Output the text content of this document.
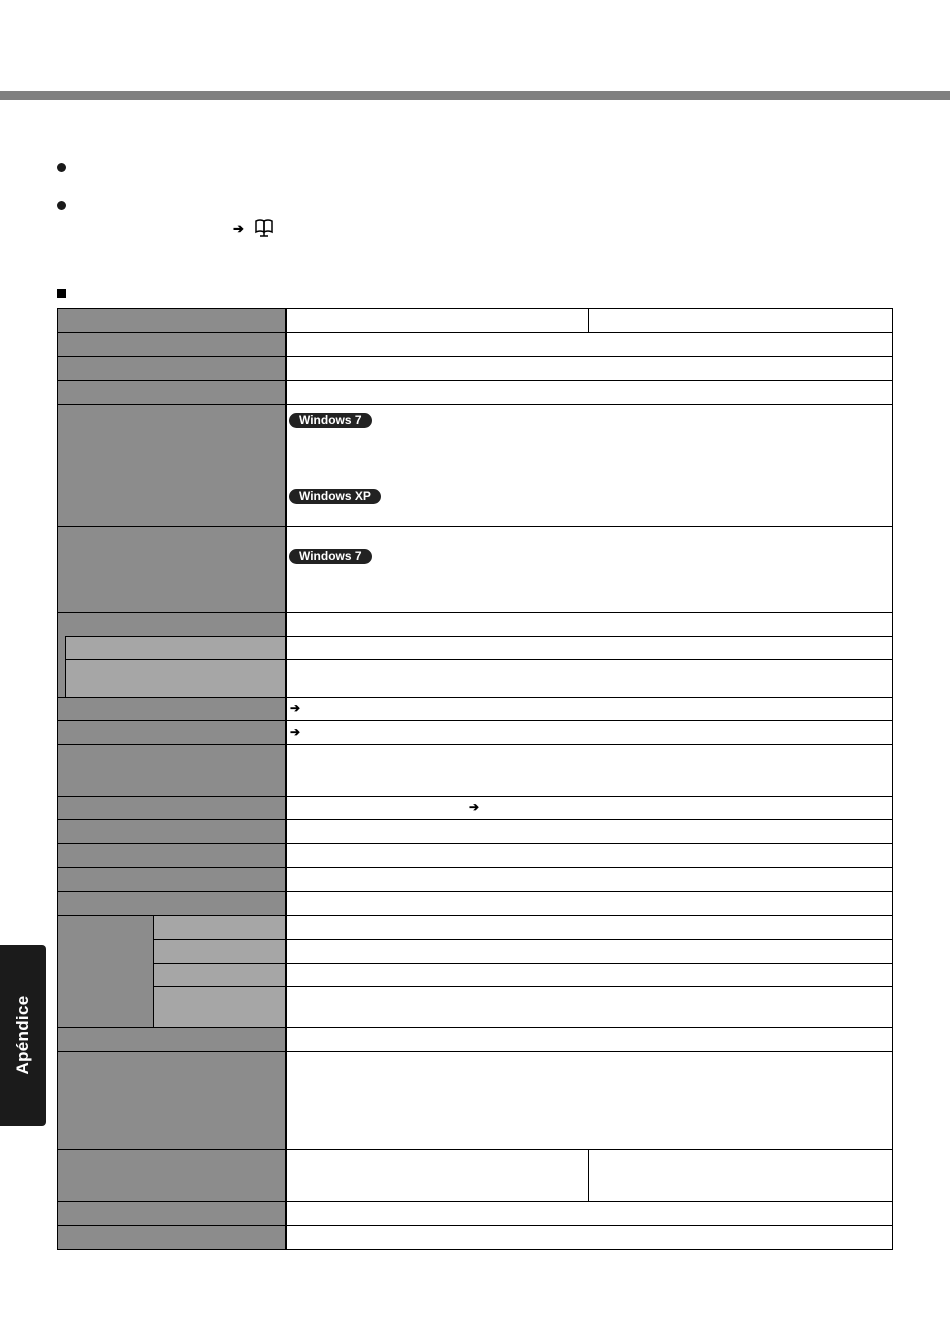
➔
Apéndice
Windows 7
Windows XP
Windows 7
➔
➔
➔
